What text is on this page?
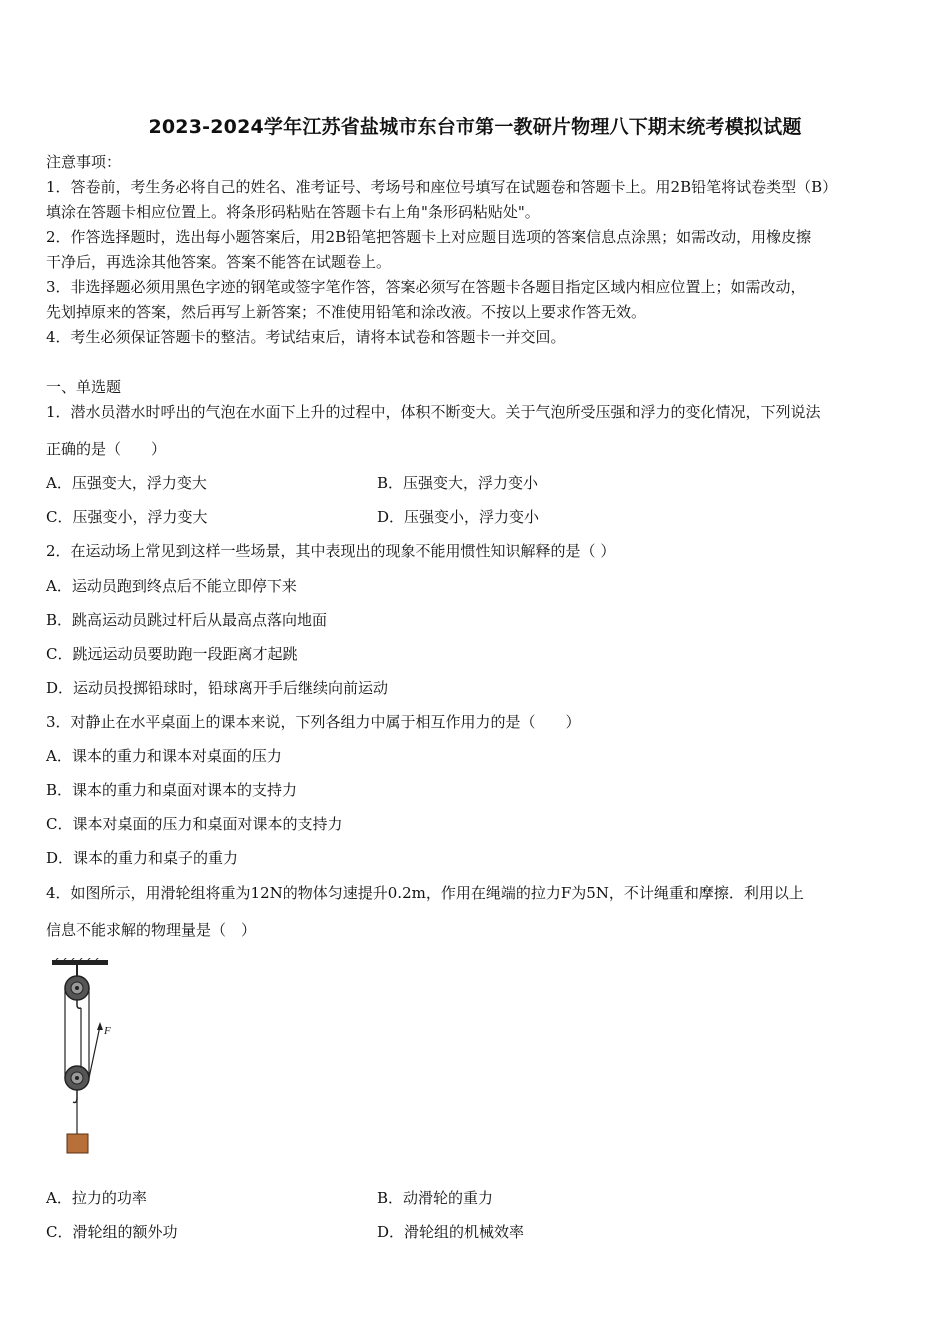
2023-2024学年江苏省盐城市东台市第一教研片物理八下期末统考模拟试题
注意事项：
1．答卷前，考生务必将自己的姓名、准考证号、考场号和座位号填写在试题卷和答题卡上。用2B铅笔将试卷类型（B）
填涂在答题卡相应位置上。将条形码粘贴在答题卡右上角"条形码粘贴处"。
2．作答选择题时，选出每小题答案后，用2B铅笔把答题卡上对应题目选项的答案信息点涂黑；如需改动，用橡皮擦
干净后，再选涂其他答案。答案不能答在试题卷上。
3．非选择题必须用黑色字迹的钢笔或签字笔作答，答案必须写在答题卡各题目指定区域内相应位置上；如需改动，
先划掉原来的答案，然后再写上新答案；不准使用铅笔和涂改液。不按以上要求作答无效。
4．考生必须保证答题卡的整洁。考试结束后，请将本试卷和答题卡一并交回。
一、单选题
1．潜水员潜水时呼出的气泡在水面下上升的过程中，体积不断变大。关于气泡所受压强和浮力的变化情况，下列说法
正确的是（　　）
A．压强变大，浮力变大	B．压强变大，浮力变小
C．压强变小，浮力变大	D．压强变小，浮力变小
2．在运动场上常见到这样一些场景，其中表现出的现象不能用惯性知识解释的是（ ）
A．运动员跑到终点后不能立即停下来
B．跳高运动员跳过杆后从最高点落向地面
C．跳远运动员要助跑一段距离才起跳
D．运动员投掷铅球时，铅球离开手后继续向前运动
3．对静止在水平桌面上的课本来说，下列各组力中属于相互作用力的是（　　）
A．课本的重力和课本对桌面的压力
B．课本的重力和桌面对课本的支持力
C．课本对桌面的压力和桌面对课本的支持力
D．课本的重力和桌子的重力
4．如图所示，用滑轮组将重为12N的物体匀速提升0.2m，作用在绳端的拉力F为5N，不计绳重和摩擦．利用以上
信息不能求解的物理量是（　）
F
A．拉力的功率	B．动滑轮的重力
C．滑轮组的额外功	D．滑轮组的机械效率
